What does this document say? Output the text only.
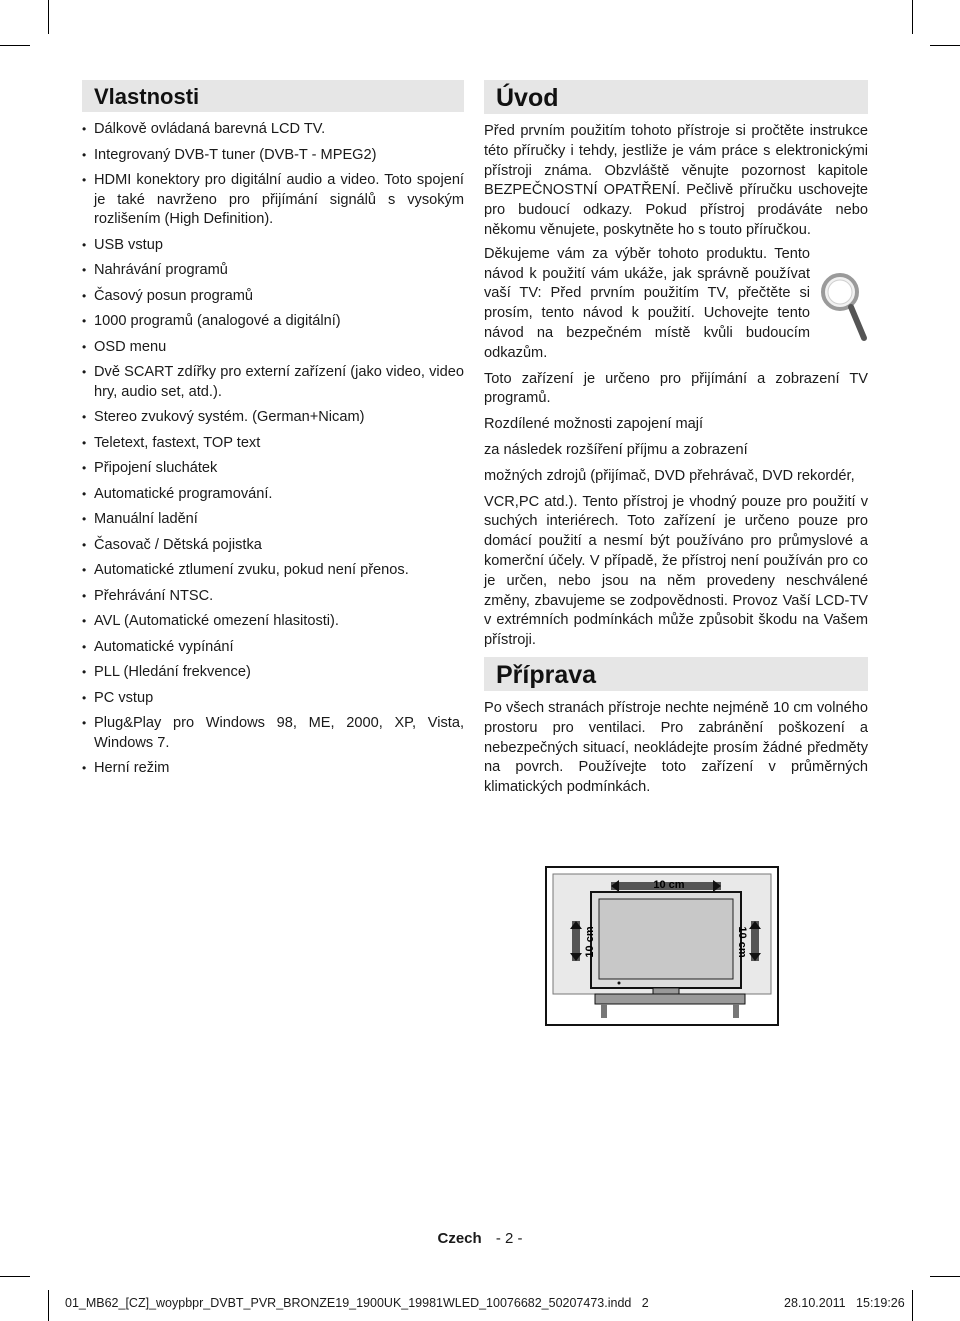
Vlastnosti
• Dálkově ovládaná barevná LCD TV.
• Integrovaný DVB-T tuner (DVB-T - MPEG2)
• HDMI konektory pro digitální audio a video. Toto spojení je také navrženo pro přijímání signálů s vysokým rozlišením (High Definition).
• USB vstup
• Nahrávání programů
• Časový posun programů
• 1000 programů (analogové a digitální)
• OSD menu
• Dvě SCART zdířky pro externí zařízení (jako video, video hry, audio set, atd.).
• Stereo zvukový systém. (German+Nicam)
• Teletext, fastext, TOP text
• Připojení sluchátek
• Automatické programování.
• Manuální ladění
• Časovač / Dětská pojistka
• Automatické ztlumení zvuku, pokud není přenos.
• Přehrávání NTSC.
• AVL (Automatické omezení hlasitosti).
• Automatické vypínání
• PLL (Hledání frekvence)
• PC vstup
• Plug&Play pro Windows 98, ME, 2000, XP, Vista, Windows 7.
• Herní režim
Úvod

Před prvním použitím tohoto přístroje si pročtěte instrukce této příručky i tehdy, jestliže je vám práce s elektronickými přístroji známa. Obzvláště věnujte pozornost kapitole BEZPEČNOSTNÍ OPATŘENÍ. Pečlivě příručku uschovejte pro budoucí odkazy. Pokud přístroj prodáváte nebo někomu věnujete, poskytněte ho s touto příručkou.

Děkujeme vám za výběr tohoto produktu. Tento návod k použití vám ukáže, jak správně používat vaší TV: Před prvním použitím TV, přečtěte si prosím, tento návod k použití. Uchovejte tento návod na bezpečném místě kvůli budoucím odkazům.

Toto zařízení je určeno pro přijímání a zobrazení TV programů.

Rozdílené možnosti zapojení mají

za následek rozšíření příjmu a zobrazení

možných zdrojů (přijímač, DVD přehrávač, DVD rekordér,

VCR,PC atd.). Tento přístroj je vhodný pouze pro použití v suchých interiérech. Toto zařízení je určeno pouze pro domácí použití a nesmí být používáno pro průmyslové a komerční účely. V případě, že přístroj není používán pro co je určen, nebo jsou na něm provedeny neschválené změny, zbavujeme se zodpovědnosti. Provoz Vaší LCD-TV v extrémních podmínkách může způsobit škodu na Vašem přístroji.

Příprava

Po všech stranách přístroje nechte nejméně 10 cm volného prostoru pro ventilaci. Pro zabránění poškození a nebezpečných situací, neokládejte prosím žádné předměty na povrch. Používejte toto zařízení v průměrných klimatických podmínkách.

10 cm
10 cm	10 cm
Czech - 2 -
01_MB62_[CZ]_woypbpr_DVBT_PVR_BRONZE19_1900UK_19981WLED_10076682_50207473.indd   2	28.10.2011   15:19:26
